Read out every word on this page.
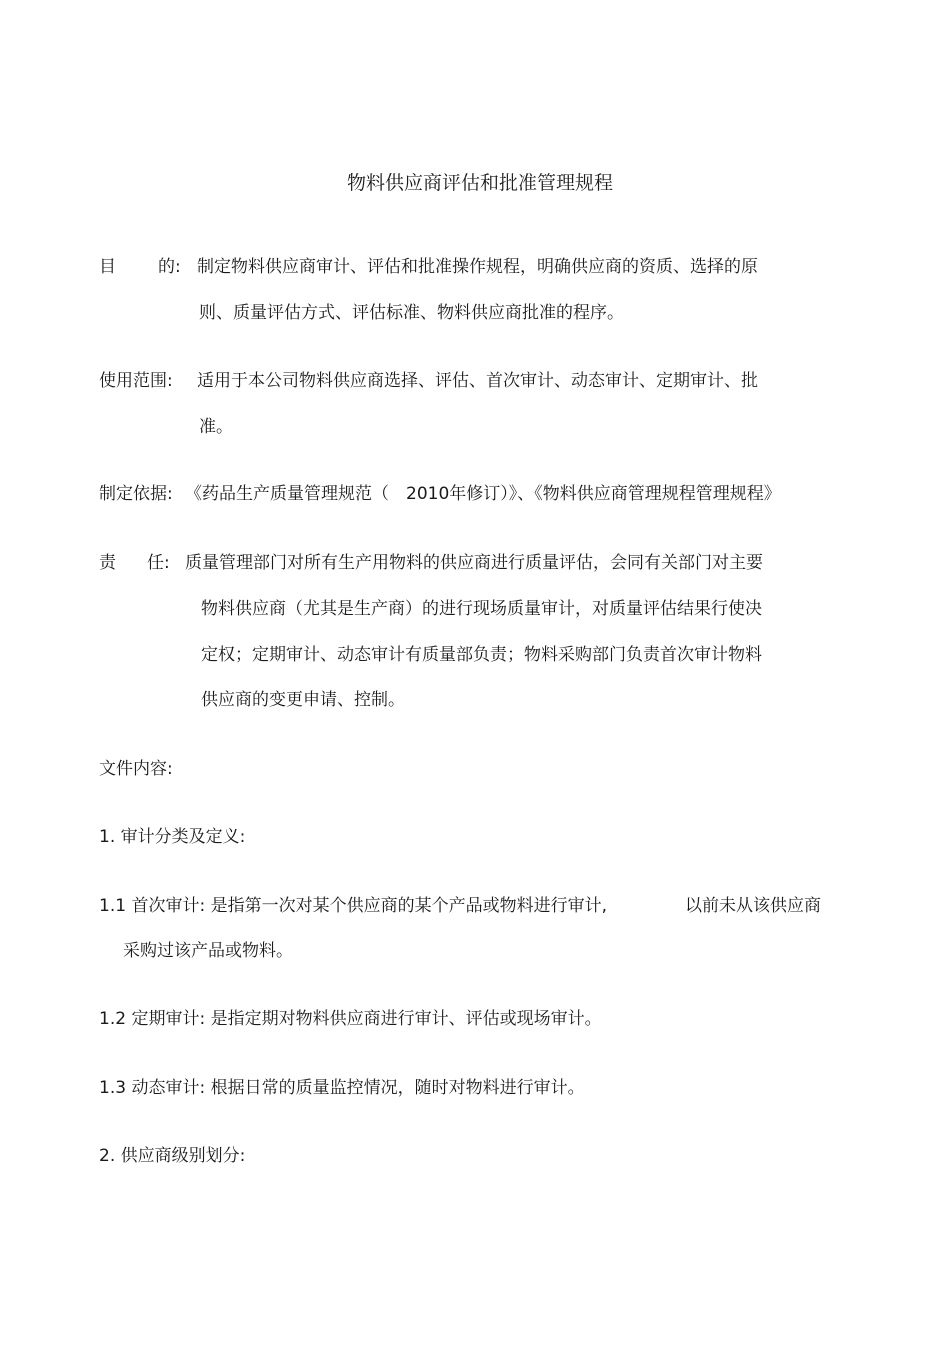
物料供应商评估和批准管理规程
目 的: 制定物料供应商审计、评估和批准操作规程，明确供应商的资质、选择的原
则、质量评估方式、评估标准、物料供应商批准的程序。
使用范围: 适用于本公司物料供应商选择、评估、首次审计、动态审计、定期审计、批
准。
制定依据: 《药品生产质量管理规范（　2010年修订）》、《物料供应商管理规程管理规程》
责 任: 质量管理部门对所有生产用物料的供应商进行质量评估，会同有关部门对主要
物料供应商（尤其是生产商）的进行现场质量审计，对质量评估结果行使决
定权；定期审计、动态审计有质量部负责；物料采购部门负责首次审计物料
供应商的变更申请、控制。
文件内容:
1. 审计分类及定义:
1.1 首次审计: 是指第一次对某个供应商的某个产品或物料进行审计,	以前未从该供应商
采购过该产品或物料。
1.2 定期审计: 是指定期对物料供应商进行审计、评估或现场审计。
1.3 动态审计: 根据日常的质量监控情况，随时对物料进行审计。
2. 供应商级别划分:
